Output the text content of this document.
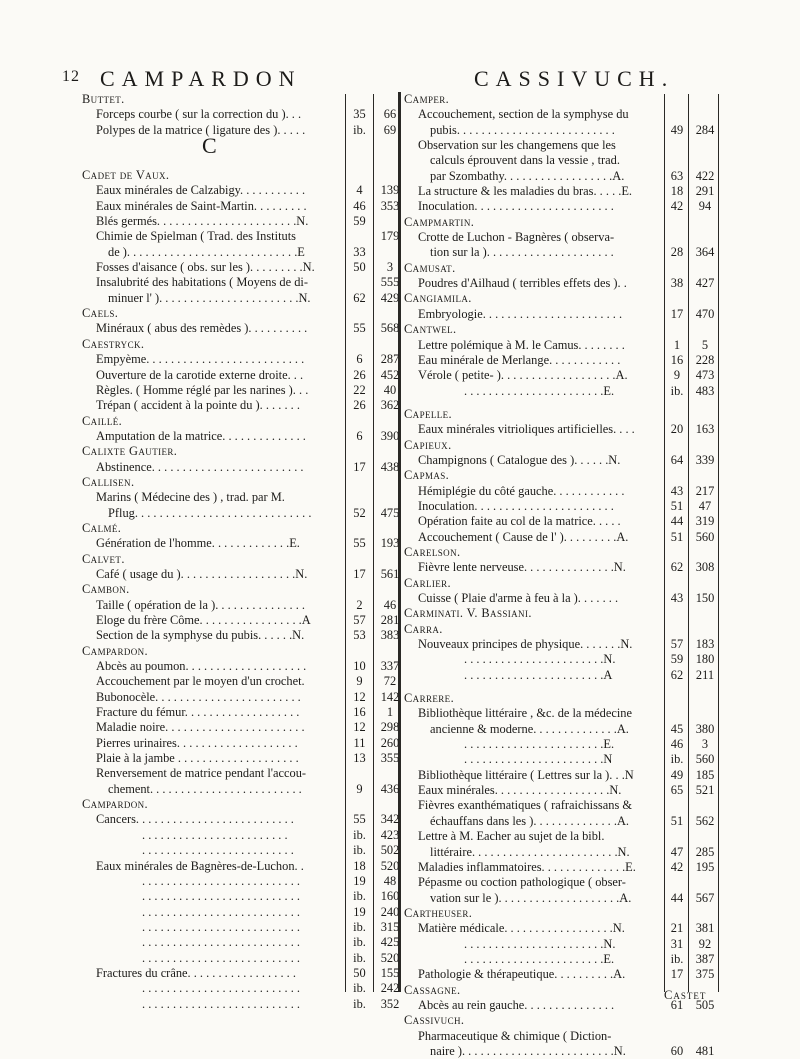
12 CAMPARDON	CASSIVUCH.
Buttet.
Forceps courbe ( sur la correction du ). . .	35	66
Polypes de la matrice ( ligature des ). . . . .	ib.	69
C
Cadet de Vaux.
Eaux minérales de Calzabigy. . . . . . . . . . .	4	139
Eaux minérales de Saint-Martin. . . . . . . . .	46	353
Blés germés. . . . . . . . . . . . . . . . . . . . . . .N.	59
Chimie de Spielman ( Trad. des Instituts	179
de ). . . . . . . . . . . . . . . . . . . . . . . . . . . .E	33
Fosses d'aisance ( obs. sur les ). . . . . . . . .N.	50	3
Insalubrité des habitations ( Moyens de di-	555
minuer l' ). . . . . . . . . . . . . . . . . . . . . . .N.	62	429
Caels.
Minéraux ( abus des remèdes ). . . . . . . . . .	55	568
Caestryck.
Empyème. . . . . . . . . . . . . . . . . . . . . . . . . .	6	287
Ouverture de la carotide externe droite. . .	26	452
Règles. ( Homme réglé par les narines ). . .	22	40
Trépan ( accident à la pointe du ). . . . . . .	26	362
Caillé.
Amputation de la matrice. . . . . . . . . . . . . .	6	390
Calixte Gautier.
Abstinence. . . . . . . . . . . . . . . . . . . . . . . . .	17	438
Callisen.
Marins ( Médecine des ) , trad. par M.
Pflug. . . . . . . . . . . . . . . . . . . . . . . . . . . . .	52	475
Calmé.
Génération de l'homme. . . . . . . . . . . . .E.	55	193
Calvet.
Café ( usage du ). . . . . . . . . . . . . . . . . . .N.	17	561
Cambon.
Taille ( opération de la ). . . . . . . . . . . . . . .	2	46
Eloge du frère Côme. . . . . . . . . . . . . . . . .A	57	281
Section de la symphyse du pubis. . . . . .N.	53	383
Campardon.
Abcès au poumon. . . . . . . . . . . . . . . . . . . .	10	337
Accouchement par le moyen d'un crochet.	9	72
Bubonocèle. . . . . . . . . . . . . . . . . . . . . . . .	12	142
Fracture du fémur. . . . . . . . . . . . . . . . . . .	16	1
Maladie noire. . . . . . . . . . . . . . . . . . . . . . .	12	298
Pierres urinaires. . . . . . . . . . . . . . . . . . . .	11	260
Plaie à la jambe . . . . . . . . . . . . . . . . . . . .	13	355
Renversement de matrice pendant l'accou-
chement. . . . . . . . . . . . . . . . . . . . . . . . .	9	436
Campardon.
Cancers. . . . . . . . . . . . . . . . . . . . . . . . . .	55	342
. . . . . . . . . . . . . . . . . . . . . . . .	ib.	423
. . . . . . . . . . . . . . . . . . . . . . . . .	ib.	502
Eaux minérales de Bagnères-de-Luchon. .	18	520
. . . . . . . . . . . . . . . . . . . . . . . . . .	19	48
. . . . . . . . . . . . . . . . . . . . . . . . . .	ib.	160
. . . . . . . . . . . . . . . . . . . . . . . . . .	19	240
. . . . . . . . . . . . . . . . . . . . . . . . . .	ib.	315
. . . . . . . . . . . . . . . . . . . . . . . . . .	ib.	425
. . . . . . . . . . . . . . . . . . . . . . . . . .	ib.	520
Fractures du crâne. . . . . . . . . . . . . . . . . .	50	155
. . . . . . . . . . . . . . . . . . . . . . . . . .	ib.	242
. . . . . . . . . . . . . . . . . . . . . . . . . .	ib.	352
Camper.
Accouchement, section de la symphyse du
pubis. . . . . . . . . . . . . . . . . . . . . . . . . .	49	284
Observation sur les changemens que les
calculs éprouvent dans la vessie , trad.
par Szombathy. . . . . . . . . . . . . . . . . .A.	63	422
La structure & les maladies du bras. . . . .E.	18	291
Inoculation. . . . . . . . . . . . . . . . . . . . . . .	42	94
Campmartin.
Crotte de Luchon - Bagnères ( observa-
tion sur la ). . . . . . . . . . . . . . . . . . . . .	28	364
Camusat.
Poudres d'Ailhaud ( terribles effets des ). .	38	427
Cangiamila.
Embryologie. . . . . . . . . . . . . . . . . . . . . . .	17	470
Cantwel.
Lettre polémique à M. le Camus. . . . . . . .	1	5
Eau minérale de Merlange. . . . . . . . . . . .	16	228
Vérole ( petite- ). . . . . . . . . . . . . . . . . . .A.	9	473
. . . . . . . . . . . . . . . . . . . . . . .E.	ib. 483
Capelle.
Eaux minérales vitrioliques artificielles. . . .	20	163
Capieux.
Champignons ( Catalogue des ). . . . . .N.	64	339
Capmas.
Hémiplégie du côté gauche. . . . . . . . . . . .	43	217
Inoculation. . . . . . . . . . . . . . . . . . . . . . .	51	47
Opération faite au col de la matrice. . . . .	44	319
Accouchement ( Cause de l' ). . . . . . . . .A.	51	560
Carelson.
Fièvre lente nerveuse. . . . . . . . . . . . . . .N.	62	308
Carlier.
Cuisse ( Plaie d'arme à feu à la ). . . . . . .	43	150
Carminati. V. Bassiani.
Carra.
Nouveaux principes de physique. . . . . . .N.	57	183
. . . . . . . . . . . . . . . . . . . . . . .N.	59	180
. . . . . . . . . . . . . . . . . . . . . . .A	62	211
Carrere.
Bibliothèque littéraire , &c. de la médecine
ancienne & moderne. . . . . . . . . . . . . .A.	45	380
. . . . . . . . . . . . . . . . . . . . . . .E.	46	3
. . . . . . . . . . . . . . . . . . . . . . .N	ib. 560
Bibliothèque littéraire ( Lettres sur la ). . .N	49	185
Eaux minérales. . . . . . . . . . . . . . . . . . .N.	65	521
Fièvres exanthématiques ( rafraichissans &
échauffans dans les ). . . . . . . . . . . . . .A.	51	562
Lettre à M. Eacher au sujet de la bibl.
littéraire. . . . . . . . . . . . . . . . . . . . . . . .N.	47	285
Maladies inflammatoires. . . . . . . . . . . . . .E.	42	195
Pépasme ou coction pathologique ( obser-
vation sur le ). . . . . . . . . . . . . . . . . . . .A.	44	567
Cartheuser.
Matière médicale. . . . . . . . . . . . . . . . . .N.	21	381
. . . . . . . . . . . . . . . . . . . . . . .N.	31	92
. . . . . . . . . . . . . . . . . . . . . . .E.	ib. 387
Pathologie & thérapeutique. . . . . . . . . .A.	17	375
Cassagne.
Abcès au rein gauche. . . . . . . . . . . . . . .	61	505
Cassivuch.
Pharmaceutique & chimique ( Diction-
naire ). . . . . . . . . . . . . . . . . . . . . . . . .N.	60	481
Castet
